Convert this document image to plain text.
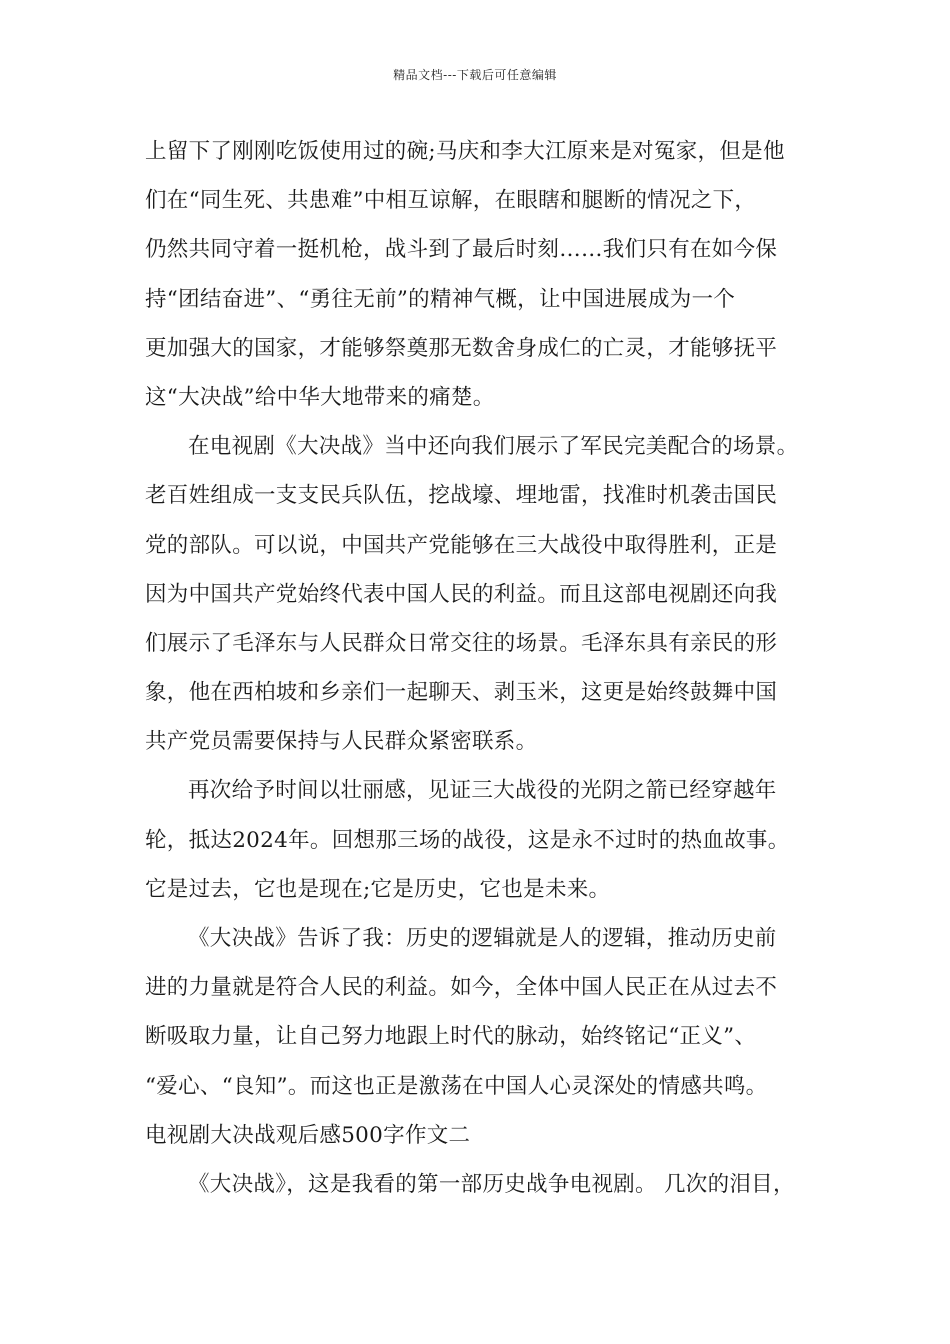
精品文档---下载后可任意编辑
上留下了刚刚吃饭使用过的碗;马庆和李大江原来是对冤家，但是他
们在“同生死、共患难”中相互谅解，在眼瞎和腿断的情况之下，
仍然共同守着一挺机枪，战斗到了最后时刻……我们只有在如今保
持“团结奋进”、“勇往无前”的精神气概，让中国进展成为一个
更加强大的国家，才能够祭奠那无数舍身成仁的亡灵，才能够抚平
这“大决战”给中华大地带来的痛楚。
在电视剧《大决战》当中还向我们展示了军民完美配合的场景。
老百姓组成一支支民兵队伍，挖战壕、埋地雷，找准时机袭击国民
党的部队。可以说，中国共产党能够在三大战役中取得胜利，正是
因为中国共产党始终代表中国人民的利益。而且这部电视剧还向我
们展示了毛泽东与人民群众日常交往的场景。毛泽东具有亲民的形
象，他在西柏坡和乡亲们一起聊天、剥玉米，这更是始终鼓舞中国
共产党员需要保持与人民群众紧密联系。
再次给予时间以壮丽感，见证三大战役的光阴之箭已经穿越年
轮，抵达2024年。回想那三场的战役，这是永不过时的热血故事。
它是过去，它也是现在;它是历史，它也是未来。
《大决战》告诉了我：历史的逻辑就是人的逻辑，推动历史前
进的力量就是符合人民的利益。如今，全体中国人民正在从过去不
断吸取力量，让自己努力地跟上时代的脉动，始终铭记“正义”、
“爱心、“良知”。而这也正是激荡在中国人心灵深处的情感共鸣。
电视剧大决战观后感500字作文二
《大决战》，这是我看的第一部历史战争电视剧。 几次的泪目，
